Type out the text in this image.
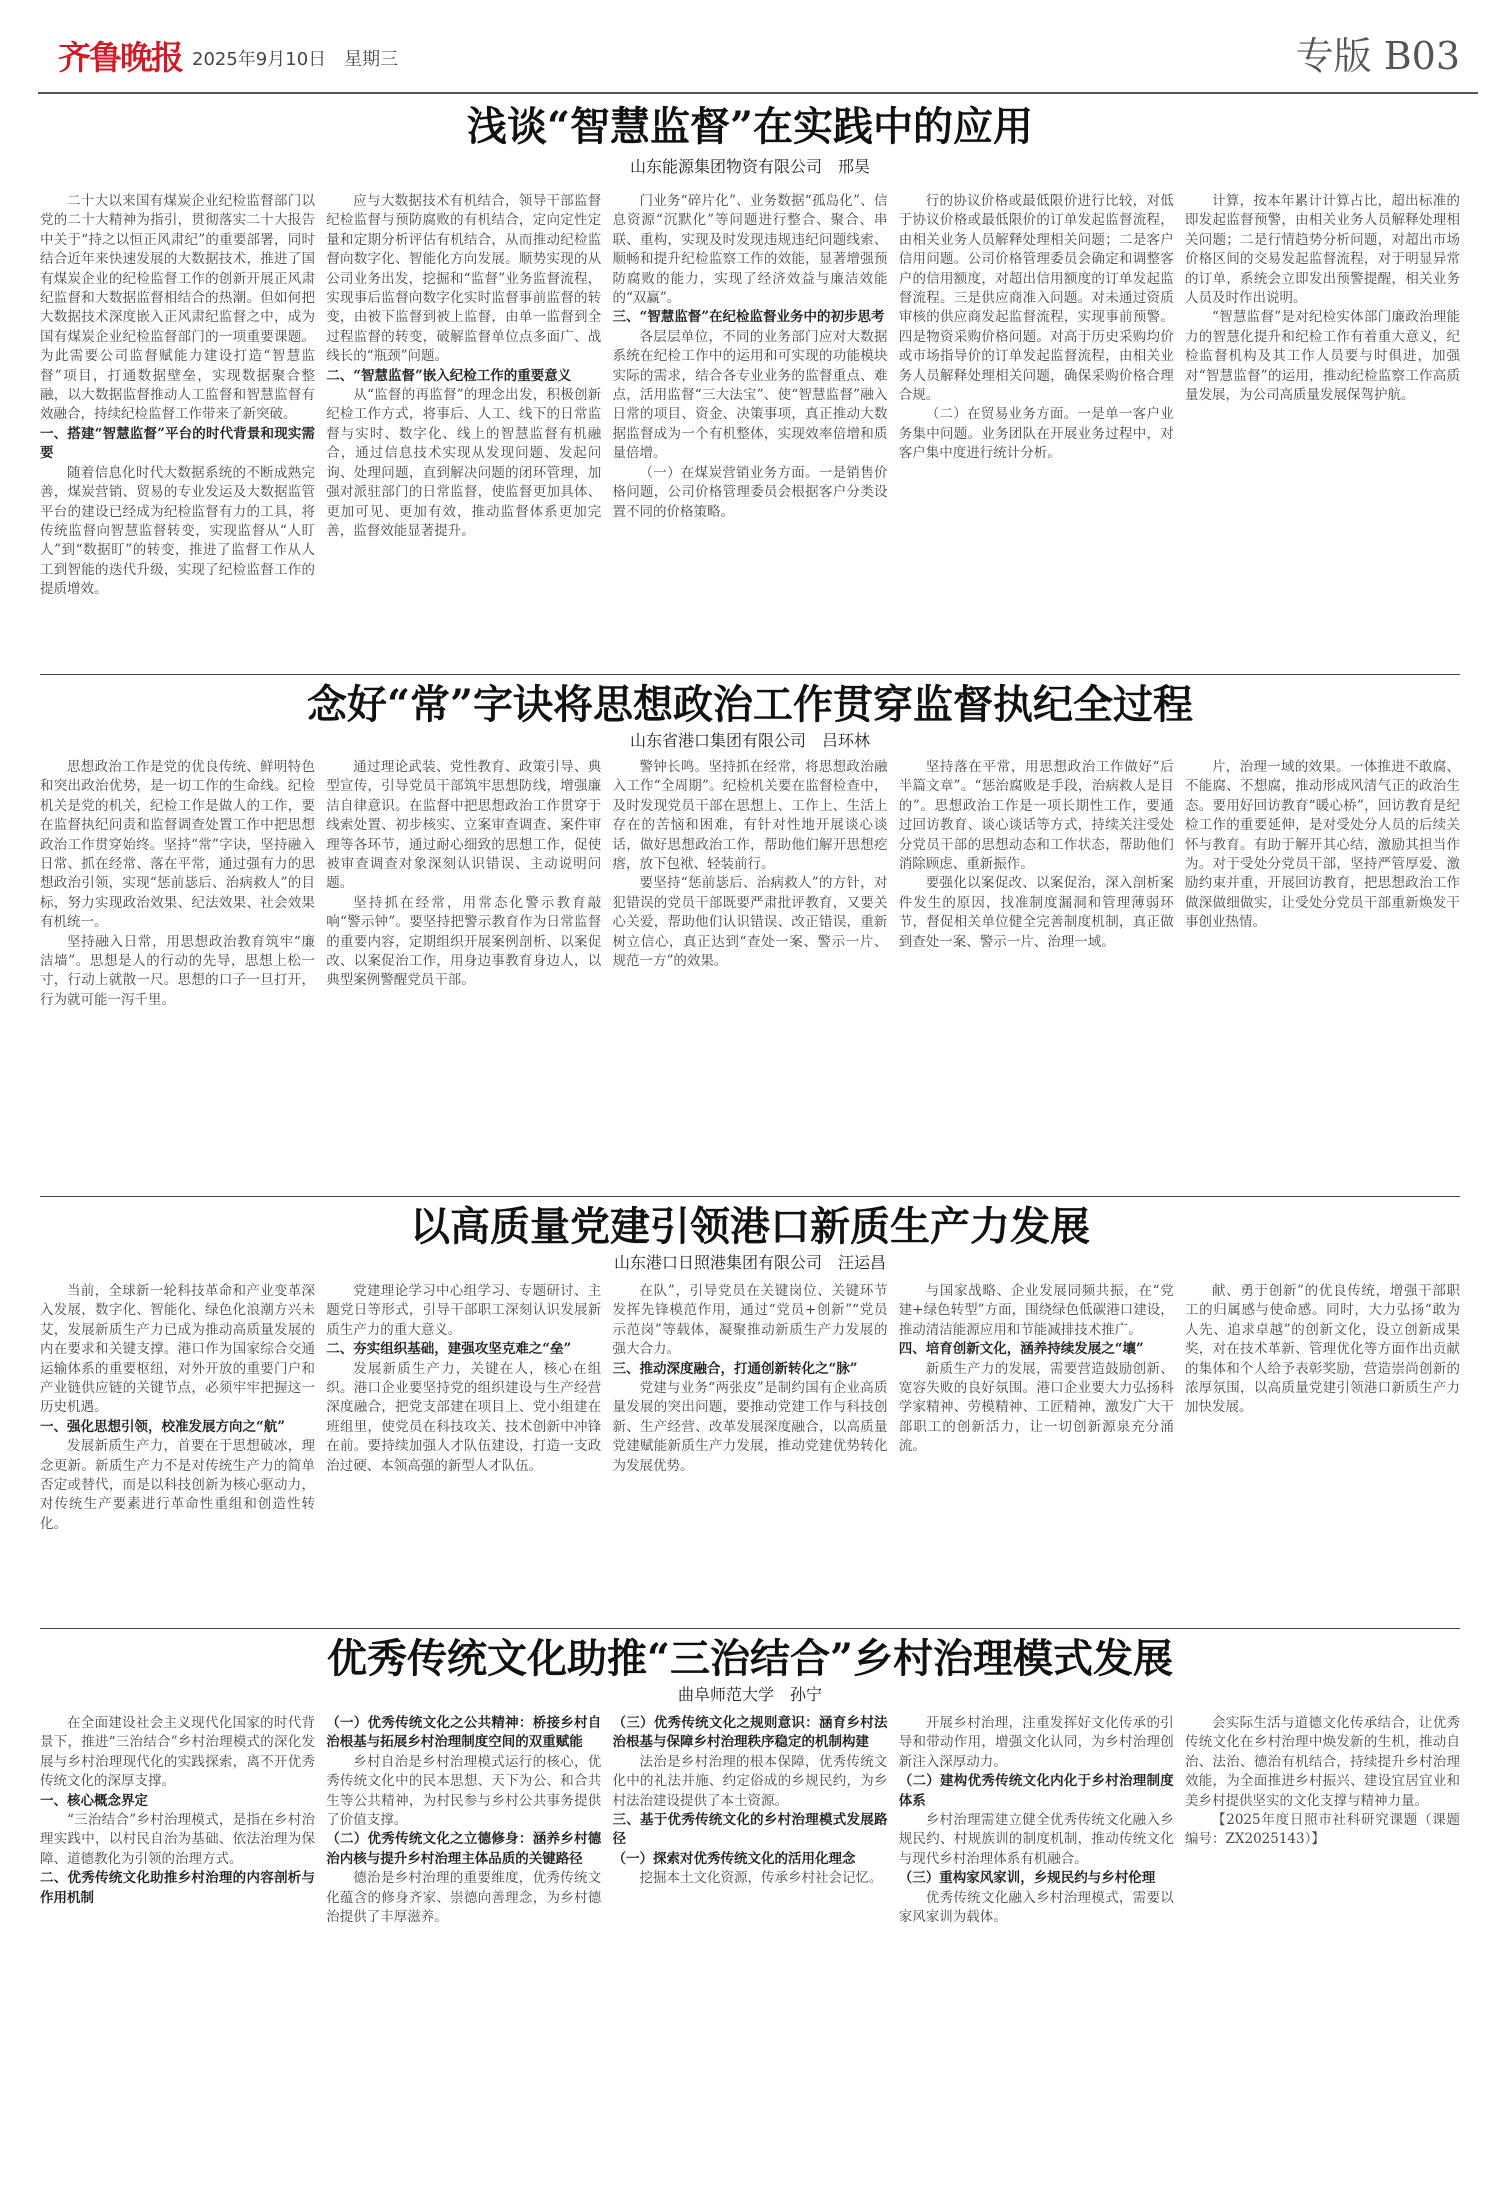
齐鲁晚报 2025年9月10日　 星期三	专版 B03
浅谈“智慧监督”在实践中的应用
山东能源集团物资有限公司　邢昊

二十大以来国有煤炭企业纪检监督部门以党的二十大精神为指引，贯彻落实二十大报告中关于“持之以恒正风肃纪”的重要部署，同时结合近年来快速发展的大数据技术，推进了国有煤炭企业的纪检监督工作的创新开展正风肃纪监督和大数据监督相结合的热潮。但如何把大数据技术深度嵌入正风肃纪监督之中，成为国有煤炭企业纪检监督部门的一项重要课题。为此需要公司监督赋能力建设打造“智慧监督”项目，打通数据壁垒，实现数据聚合整融，以大数据监督推动人工监督和智慧监督有效融合，持续纪检监督工作带来了新突破。

一、搭建“智慧监督”平台的时代背景和现实需要

随着信息化时代大数据系统的不断成熟完善，煤炭营销、贸易的专业发运及大数据监管平台的建设已经成为纪检监督有力的工具，将传统监督向智慧监督转变，实现监督从“人盯人”到“数据盯”的转变，推进了监督工作从人工到智能的迭代升级，实现了纪检监督工作的提质增效。

应与大数据技术有机结合，领导干部监督纪检监督与预防腐败的有机结合，定向定性定量和定期分析评估有机结合，从而推动纪检监督向数字化、智能化方向发展。顺势实现的从公司业务出发，挖掘和“监督”业务监督流程，实现事后监督向数字化实时监督事前监督的转变，由被下监督到被上监督，由单一监督到全过程监督的转变，破解监督单位点多面广、战线长的“瓶颈”问题。

二、“智慧监督”嵌入纪检工作的重要意义

从“监督的再监督”的理念出发，积极创新纪检工作方式，将事后、人工、线下的日常监督与实时、数字化、线上的智慧监督有机融合，通过信息技术实现从发现问题、发起问询、处理问题，直到解决问题的闭环管理，加强对派驻部门的日常监督，使监督更加具体、更加可见、更加有效，推动监督体系更加完善，监督效能显著提升。

门业务“碎片化”、业务数据“孤岛化”、信息资源“沉默化”等问题进行整合、聚合、串联、重构，实现及时发现违规违纪问题线索、顺畅和提升纪检监察工作的效能，显著增强预防腐败的能力，实现了经济效益与廉洁效能的“双赢”。

三、“智慧监督”在纪检监督业务中的初步思考

各层层单位，不同的业务部门应对大数据系统在纪检工作中的运用和可实现的功能模块实际的需求，结合各专业业务的监督重点、难点，活用监督“三大法宝”、使“智慧监督”融入日常的项目、资金、决策事项，真正推动大数据监督成为一个有机整体，实现效率倍增和质量倍增。

（一）在煤炭营销业务方面。一是销售价格问题，公司价格管理委员会根据客户分类设置不同的价格策略。

行的协议价格或最低限价进行比较，对低于协议价格或最低限价的订单发起监督流程，由相关业务人员解释处理相关问题；二是客户信用问题。公司价格管理委员会确定和调整客户的信用额度，对超出信用额度的订单发起监督流程。三是供应商准入问题。对未通过资质审核的供应商发起监督流程，实现事前预警。四是物资采购价格问题。对高于历史采购均价或市场指导价的订单发起监督流程，由相关业务人员解释处理相关问题，确保采购价格合理合规。

（二）在贸易业务方面。一是单一客户业务集中问题。业务团队在开展业务过程中，对客户集中度进行统计分析。

计算，按本年累计计算占比，超出标准的即发起监督预警，由相关业务人员解释处理相关问题；二是行情趋势分析问题，对超出市场价格区间的交易发起监督流程，对于明显异常的订单，系统会立即发出预警提醒，相关业务人员及时作出说明。

“智慧监督”是对纪检实体部门廉政治理能力的智慧化提升和纪检工作有着重大意义，纪检监督机构及其工作人员要与时俱进，加强对“智慧监督”的运用，推动纪检监察工作高质量发展，为公司高质量发展保驾护航。

念好“常”字诀将思想政治工作贯穿监督执纪全过程
山东省港口集团有限公司　吕环林

思想政治工作是党的优良传统、鲜明特色和突出政治优势，是一切工作的生命线。纪检机关是党的机关，纪检工作是做人的工作，要在监督执纪问责和监督调查处置工作中把思想政治工作贯穿始终。坚持“常”字诀，坚持融入日常、抓在经常、落在平常，通过强有力的思想政治引领，实现“惩前毖后、治病救人”的目标，努力实现政治效果、纪法效果、社会效果有机统一。

坚持融入日常，用思想政治教育筑牢“廉洁墙”。思想是人的行动的先导，思想上松一寸，行动上就散一尺。思想的口子一旦打开，行为就可能一泻千里。

通过理论武装、党性教育、政策引导、典型宣传，引导党员干部筑牢思想防线，增强廉洁自律意识。在监督中把思想政治工作贯穿于线索处置、初步核实、立案审查调查、案件审理等各环节，通过耐心细致的思想工作，促使被审查调查对象深刻认识错误、主动说明问题。

坚持抓在经常，用常态化警示教育敲响“警示钟”。要坚持把警示教育作为日常监督的重要内容，定期组织开展案例剖析、以案促改、以案促治工作，用身边事教育身边人，以典型案例警醒党员干部。

警钟长鸣。坚持抓在经常，将思想政治融入工作“全周期”。纪检机关要在监督检查中，及时发现党员干部在思想上、工作上、生活上存在的苦恼和困难，有针对性地开展谈心谈话，做好思想政治工作，帮助他们解开思想疙瘩，放下包袱、轻装前行。

要坚持“惩前毖后、治病救人”的方针，对犯错误的党员干部既要严肃批评教育，又要关心关爱，帮助他们认识错误、改正错误，重新树立信心，真正达到“查处一案、警示一片、规范一方”的效果。

坚持落在平常，用思想政治工作做好“后半篇文章”。“惩治腐败是手段，治病救人是目的”。思想政治工作是一项长期性工作，要通过回访教育、谈心谈话等方式，持续关注受处分党员干部的思想动态和工作状态，帮助他们消除顾虑、重新振作。

要强化以案促改、以案促治，深入剖析案件发生的原因，找准制度漏洞和管理薄弱环节，督促相关单位健全完善制度机制，真正做到查处一案、警示一片、治理一域。

片，治理一域的效果。一体推进不敢腐、不能腐、不想腐，推动形成风清气正的政治生态。要用好回访教育“暖心桥”，回访教育是纪检工作的重要延伸，是对受处分人员的后续关怀与教育。有助于解开其心结，激励其担当作为。对于受处分党员干部，坚持严管厚爱、激励约束并重，开展回访教育，把思想政治工作做深做细做实，让受处分党员干部重新焕发干事创业热情。

以高质量党建引领港口新质生产力发展
山东港口日照港集团有限公司　汪运昌

当前，全球新一轮科技革命和产业变革深入发展，数字化、智能化、绿色化浪潮方兴未艾，发展新质生产力已成为推动高质量发展的内在要求和关键支撑。港口作为国家综合交通运输体系的重要枢纽，对外开放的重要门户和产业链供应链的关键节点，必须牢牢把握这一历史机遇。

一、强化思想引领，校准发展方向之“航”

发展新质生产力，首要在于思想破冰，理念更新。新质生产力不是对传统生产力的简单否定或替代，而是以科技创新为核心驱动力，对传统生产要素进行革命性重组和创造性转化。

党建理论学习中心组学习、专题研讨、主题党日等形式，引导干部职工深刻认识发展新质生产力的重大意义。

二、夯实组织基础，建强攻坚克难之“垒”

发展新质生产力，关键在人，核心在组织。港口企业要坚持党的组织建设与生产经营深度融合，把党支部建在项目上、党小组建在班组里，使党员在科技攻关、技术创新中冲锋在前。要持续加强人才队伍建设，打造一支政治过硬、本领高强的新型人才队伍。

在队”，引导党员在关键岗位、关键环节发挥先锋模范作用，通过“党员+创新”“党员示范岗”等载体，凝聚推动新质生产力发展的强大合力。

三、推动深度融合，打通创新转化之“脉”

党建与业务“两张皮”是制约国有企业高质量发展的突出问题，要推动党建工作与科技创新、生产经营、改革发展深度融合，以高质量党建赋能新质生产力发展，推动党建优势转化为发展优势。

与国家战略、企业发展同频共振，在“党建+绿色转型”方面，围绕绿色低碳港口建设，推动清洁能源应用和节能减排技术推广。

四、培育创新文化，涵养持续发展之“壤”

新质生产力的发展，需要营造鼓励创新、宽容失败的良好氛围。港口企业要大力弘扬科学家精神、劳模精神、工匠精神，激发广大干部职工的创新活力，让一切创新源泉充分涌流。

献、勇于创新”的优良传统，增强干部职工的归属感与使命感。同时，大力弘扬“敢为人先、追求卓越”的创新文化，设立创新成果奖，对在技术革新、管理优化等方面作出贡献的集体和个人给予表彰奖励，营造崇尚创新的浓厚氛围，以高质量党建引领港口新质生产力加快发展。

优秀传统文化助推“三治结合”乡村治理模式发展
曲阜师范大学　孙宁

在全面建设社会主义现代化国家的时代背景下，推进“三治结合”乡村治理模式的深化发展与乡村治理现代化的实践探索，离不开优秀传统文化的深厚支撑。

一、核心概念界定

“三治结合”乡村治理模式，是指在乡村治理实践中，以村民自治为基础、依法治理为保障、道德教化为引领的治理方式。

二、优秀传统文化助推乡村治理的内容剖析与作用机制
（一）优秀传统文化之公共精神：桥接乡村自治根基与拓展乡村治理制度空间的双重赋能

乡村自治是乡村治理模式运行的核心，优秀传统文化中的民本思想、天下为公、和合共生等公共精神，为村民参与乡村公共事务提供了价值支撑。

（二）优秀传统文化之立德修身：涵养乡村德治内核与提升乡村治理主体品质的关键路径

德治是乡村治理的重要维度，优秀传统文化蕴含的修身齐家、崇德向善理念，为乡村德治提供了丰厚滋养。

（三）优秀传统文化之规则意识：涵育乡村法治根基与保障乡村治理秩序稳定的机制构建

法治是乡村治理的根本保障，优秀传统文化中的礼法并施、约定俗成的乡规民约，为乡村法治建设提供了本土资源。

三、基于优秀传统文化的乡村治理模式发展路径
（一）探索对优秀传统文化的活用化理念

挖掘本土文化资源，传承乡村社会记忆。

开展乡村治理，注重发挥好文化传承的引导和带动作用，增强文化认同，为乡村治理创新注入深厚动力。

（二）建构优秀传统文化内化于乡村治理制度体系

乡村治理需建立健全优秀传统文化融入乡规民约、村规族训的制度机制，推动传统文化与现代乡村治理体系有机融合。

（三）重构家风家训，乡规民约与乡村伦理

优秀传统文化融入乡村治理模式，需要以家风家训为载体。

会实际生活与道德文化传承结合，让优秀传统文化在乡村治理中焕发新的生机，推动自治、法治、德治有机结合，持续提升乡村治理效能，为全面推进乡村振兴、建设宜居宜业和美乡村提供坚实的文化支撑与精神力量。

【2025年度日照市社科研究课题（课题编号：ZX2025143）】
